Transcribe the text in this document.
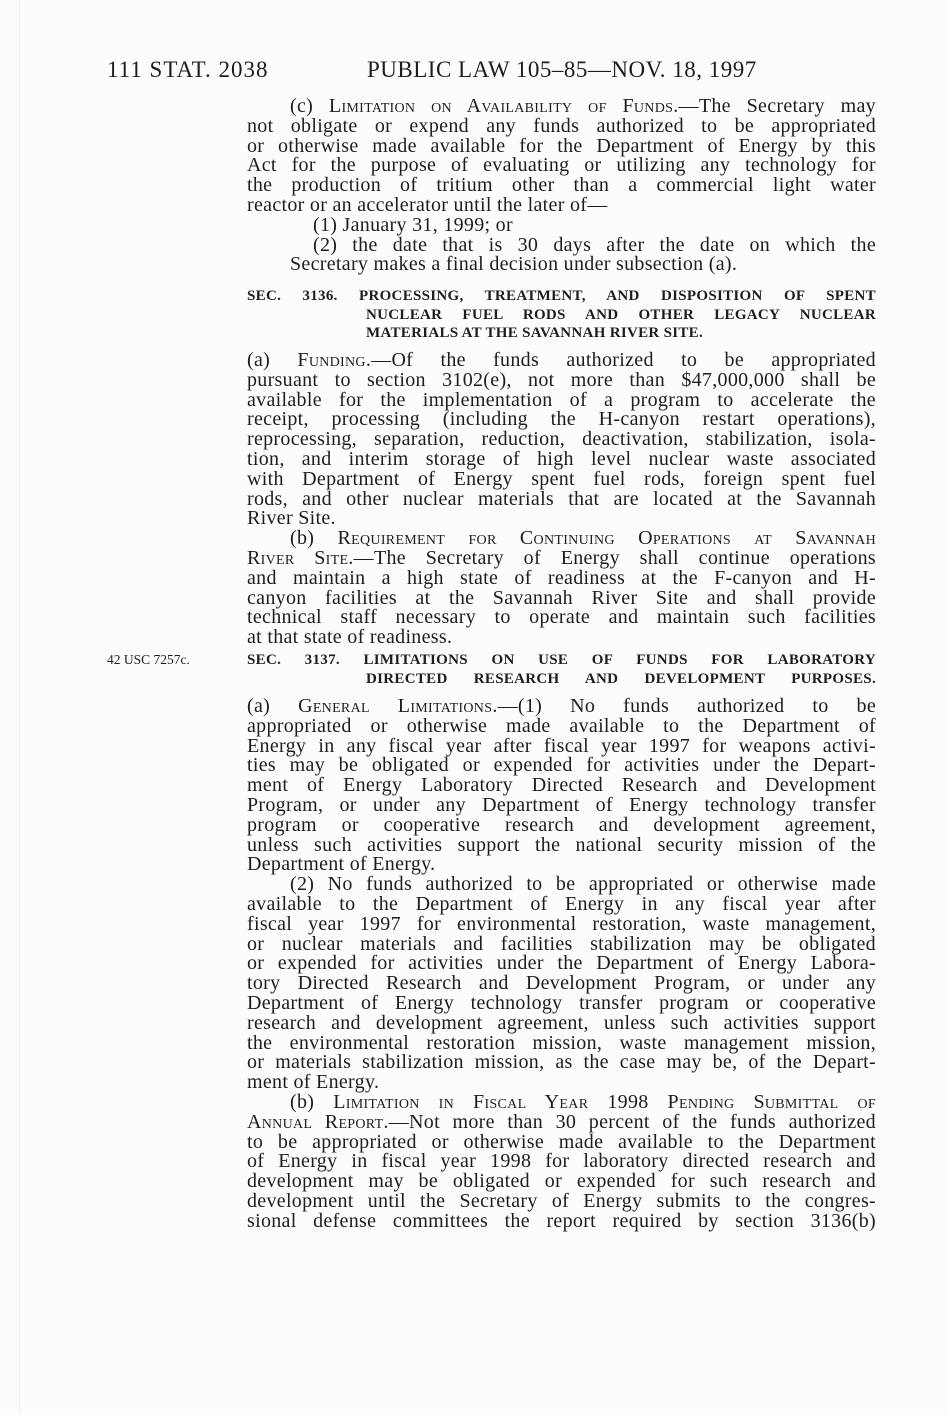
111 STAT. 2038	PUBLIC LAW 105–85—NOV. 18, 1997
(c) Limitation on Availability of Funds.—The Secretary may
not obligate or expend any funds authorized to be appropriated
or otherwise made available for the Department of Energy by this
Act for the purpose of evaluating or utilizing any technology for
the production of tritium other than a commercial light water
reactor or an accelerator until the later of—
(1) January 31, 1999; or
(2) the date that is 30 days after the date on which the
Secretary makes a final decision under subsection (a).
SEC. 3136. PROCESSING, TREATMENT, AND DISPOSITION OF SPENT
NUCLEAR FUEL RODS AND OTHER LEGACY NUCLEAR
MATERIALS AT THE SAVANNAH RIVER SITE.
(a) Funding.—Of the funds authorized to be appropriated
pursuant to section 3102(e), not more than $47,000,000 shall be
available for the implementation of a program to accelerate the
receipt, processing (including the H-canyon restart operations),
reprocessing, separation, reduction, deactivation, stabilization, isola-
tion, and interim storage of high level nuclear waste associated
with Department of Energy spent fuel rods, foreign spent fuel
rods, and other nuclear materials that are located at the Savannah
River Site.
(b) Requirement for Continuing Operations at Savannah
River Site.—The Secretary of Energy shall continue operations
and maintain a high state of readiness at the F-canyon and H-
canyon facilities at the Savannah River Site and shall provide
technical staff necessary to operate and maintain such facilities
at that state of readiness.
42 USC 7257c.	SEC. 3137. LIMITATIONS ON USE OF FUNDS FOR LABORATORY
DIRECTED RESEARCH AND DEVELOPMENT PURPOSES.
(a) General Limitations.—(1) No funds authorized to be
appropriated or otherwise made available to the Department of
Energy in any fiscal year after fiscal year 1997 for weapons activi-
ties may be obligated or expended for activities under the Depart-
ment of Energy Laboratory Directed Research and Development
Program, or under any Department of Energy technology transfer
program or cooperative research and development agreement,
unless such activities support the national security mission of the
Department of Energy.
(2) No funds authorized to be appropriated or otherwise made
available to the Department of Energy in any fiscal year after
fiscal year 1997 for environmental restoration, waste management,
or nuclear materials and facilities stabilization may be obligated
or expended for activities under the Department of Energy Labora-
tory Directed Research and Development Program, or under any
Department of Energy technology transfer program or cooperative
research and development agreement, unless such activities support
the environmental restoration mission, waste management mission,
or materials stabilization mission, as the case may be, of the Depart-
ment of Energy.
(b) Limitation in Fiscal Year 1998 Pending Submittal of
Annual Report.—Not more than 30 percent of the funds authorized
to be appropriated or otherwise made available to the Department
of Energy in fiscal year 1998 for laboratory directed research and
development may be obligated or expended for such research and
development until the Secretary of Energy submits to the congres-
sional defense committees the report required by section 3136(b)
